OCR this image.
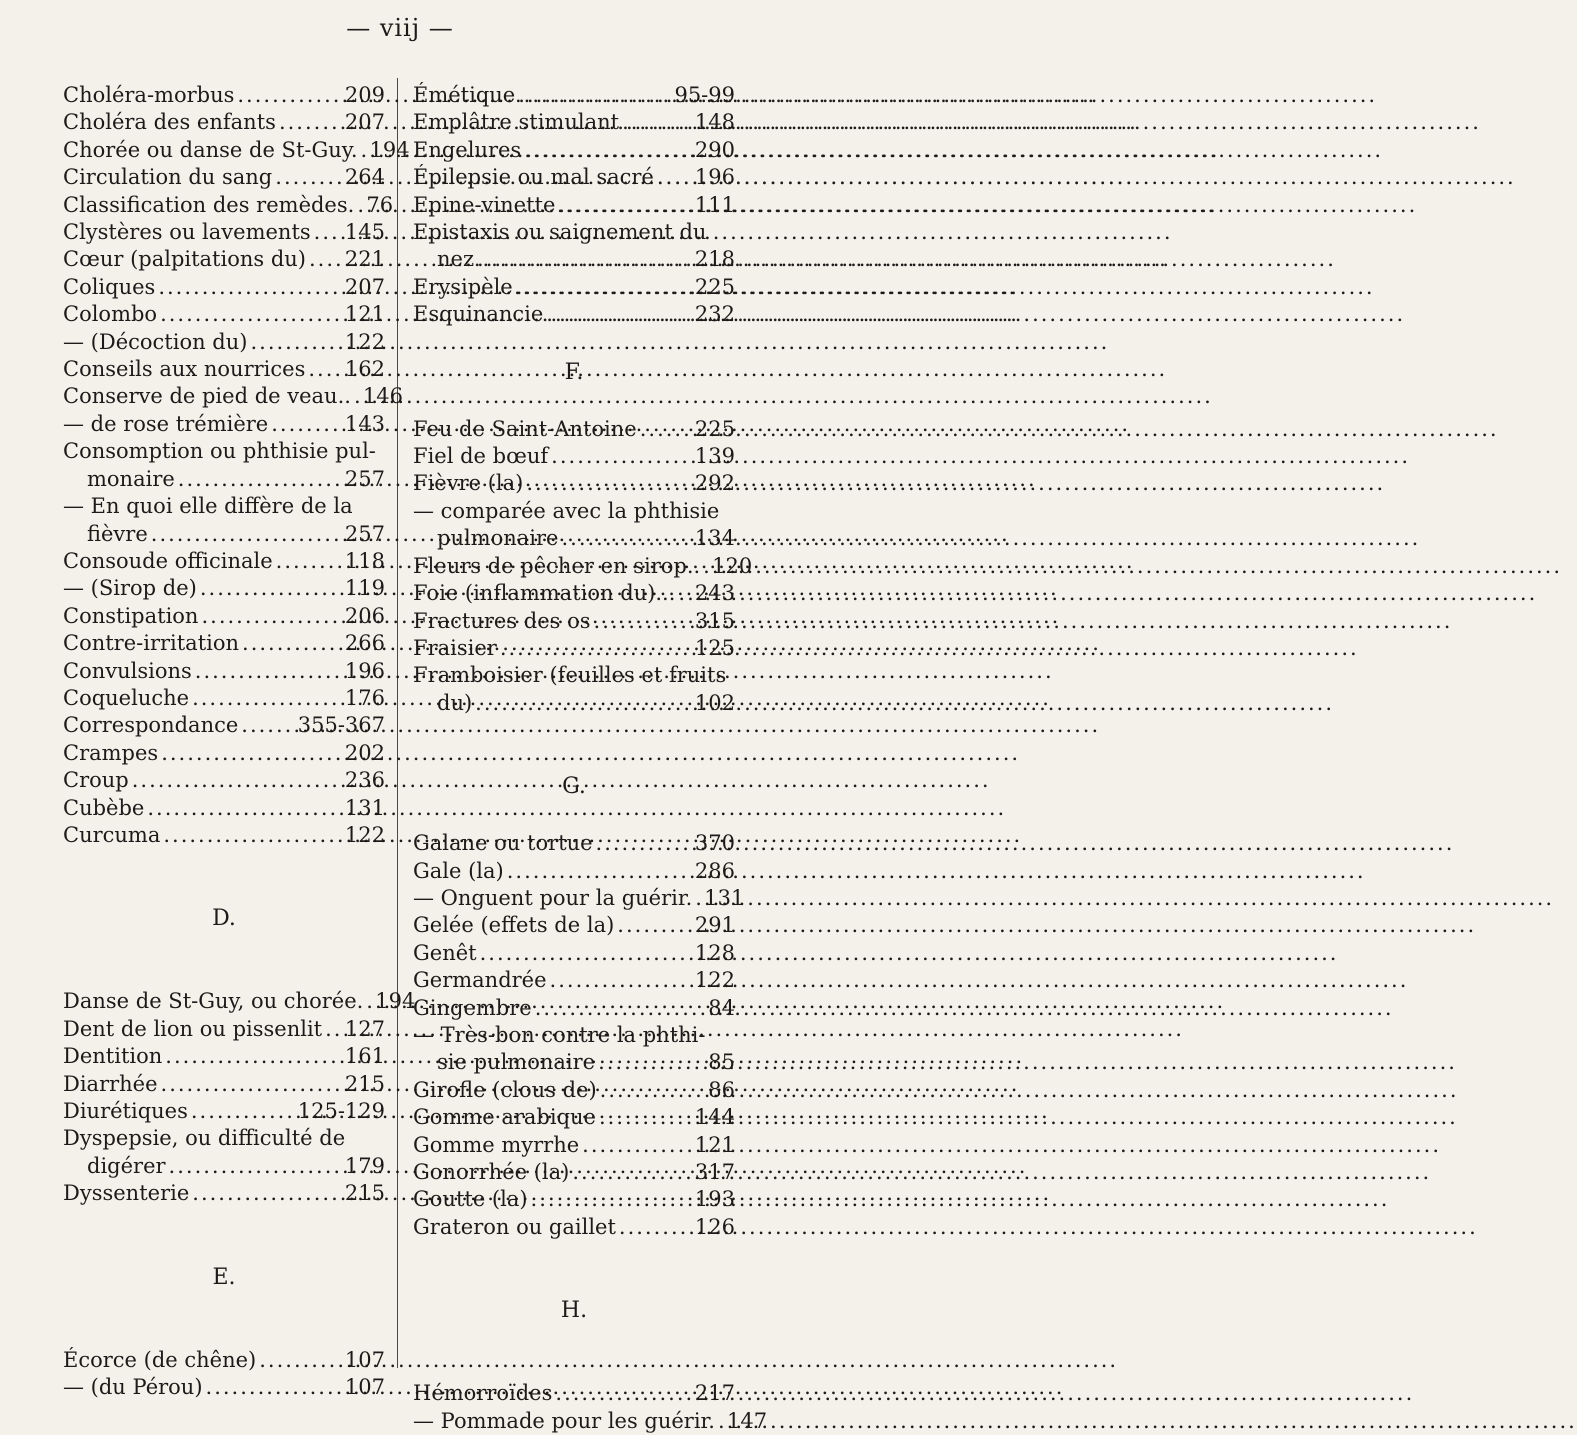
— viij —
Choléra-morbus .....	209
Choléra des enfants .....	207
Chorée ou danse de St-Guy. ..... 194
Circulation du sang .....	264
Classification des remèdes. ..... 76
Clystères ou lavements ..... 145
Cœur (palpitations du) ..... 221
Coliques .....	207
Colombo .....	121
— (Décoction du) .....	122
Conseils aux nourrices ..... 162
Conserve de pied de veau.. ..... 146
— de rose trémière .....	143
Consomption ou phthisie pul-
monaire .....	257
— En quoi elle diffère de la
fièvre .....	257
Consoude officinale .....	118
— (Sirop de) .....	119
Constipation .....	206
Contre-irritation .....	266
Convulsions .....	196
Coqueluche .....	176
Correspondance .....	355-367
Crampes .....	202
Croup .....	236
Cubèbe .....	131
Curcuma .....	122
D.
Danse de St-Guy, ou chorée. ..... 194
Dent de lion ou pissenlit ..... 127
Dentition .....	161
Diarrhée .....	215
Diurétiques .....	125-129
Dyspepsie, ou difficulté de
digérer .....	179
Dyssenterie .....	215
E.
Écorce (de chêne) .....	107
— (du Pérou) .....	107
Émétique .....	95-99
Emplâtre stimulant .....	148
Engelures .....	290
Épilepsie ou mal sacré ..... 196
Epine-vinette .....	111
Epistaxis ou saignement du
nez .....	218
Erysipèle .....	225
Esquinancie .....	232
F.
Feu de Saint-Antoine .....	225
Fiel de bœuf .....	139
Fièvre (la) .....	292
— comparée avec la phthisie
pulmonaire .....	134
Fleurs de pêcher en sirop.. ..... 120
Foie (inflammation du)... ..... 243
Fractures des os .....	315
Fraisier .....	125
Framboisier (feuilles et fruits
du) .....	102
G.
Galane ou tortue .....	370
Gale (la) .....	286
— Onguent pour la guérir. ..... 131
Gelée (effets de la) .....	291
Genêt .....	128
Germandrée .....	122
Gingembre .....	84
— Très-bon contre la phthi-
sie pulmonaire .....	85
Girofle (clous de) .....	86
Gomme arabique .....	144
Gomme myrrhe .....	121
Gonorrhée (la) .....	317
Goutte (la) .....	193
Grateron ou gaillet .....	126
H.
Hémorroïdes .....	217
— Pommade pour les guérir. ..... 147
